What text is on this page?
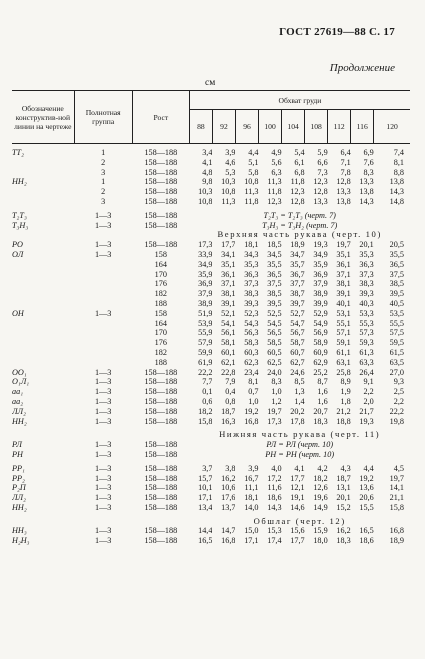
ГОСТ 27619—88 С. 17
Продолжение
см
Обозначение конструктив-ной линии на чертеже	Полнотная группа	Рост	Обхват груди								
			88	92	96	100	104	108	112	116	120

TT₂	1	158—188	3,4	3,9	4,4	4,9	5,4	5,9	6,4	6,9	7,4
	2	158—188	4,1	4,6	5,1	5,6	6,1	6,6	7,1	7,6	8,1
	3	158—188	4,8	5,3	5,8	6,3	6,8	7,3	7,8	8,3	8,8
HH₂	1	158—188	9,8	10,3	10,8	11,3	11,8	12,3	12,8	13,3	13,8
	2	158—188	10,3	10,8	11,3	11,8	12,3	12,8	13,3	13,8	14,3
	3	158—188	10,8	11,3	11,8	12,3	12,8	13,3	13,8	14,3	14,8

T₂T₃	1—3	158—188	T₂T₃ = T₂T₃ (черт. 7)								
T₃H₃	1—3	158—188	T₃H₃ = T₃H₂ (черт. 7)								
			Верхняя часть рукава (черт. 10)								
PO	1—3	158—188	17,3	17,7	18,1	18,5	18,9	19,3	19,7	20,1	20,5
ОЛ	1—3	158	33,9	34,1	34,3	34,5	34,7	34,9	35,1	35,3	35,5
		164	34,9	35,1	35,3	35,5	35,7	35,9	36,1	36,3	36,5
		170	35,9	36,1	36,3	36,5	36,7	36,9	37,1	37,3	37,5
		176	36,9	37,1	37,3	37,5	37,7	37,9	38,1	38,3	38,5
		182	37,9	38,1	38,3	38,5	38,7	38,9	39,1	39,3	39,5
		188	38,9	39,1	39,3	39,5	39,7	39,9	40,1	40,3	40,5
OH	1—3	158	51,9	52,1	52,3	52,5	52,7	52,9	53,1	53,3	53,5
		164	53,9	54,1	54,3	54,5	54,7	54,9	55,1	55,3	55,5
		170	55,9	56,1	56,3	56,5	56,7	56,9	57,1	57,3	57,5
		176	57,9	58,1	58,3	58,5	58,7	58,9	59,1	59,3	59,5
		182	59,9	60,1	60,3	60,5	60,7	60,9	61,1	61,3	61,5
		188	61,9	62,1	62,3	62,5	62,7	62,9	63,1	63,3	63,5
OO₁	1—3	158—188	22,2	22,8	23,4	24,0	24,6	25,2	25,8	26,4	27,0
O₁Л₁	1—3	158—188	7,7	7,9	8,1	8,3	8,5	8,7	8,9	9,1	9,3
aa₁	1—3	158—188	0,1	0,4	0,7	1,0	1,3	1,6	1,9	2,2	2,5
aa₂	1—3	158—188	0,6	0,8	1,0	1,2	1,4	1,6	1,8	2,0	2,2
ЛЛ₂	1—3	158—188	18,2	18,7	19,2	19,7	20,2	20,7	21,2	21,7	22,2
HH₂	1—3	158—188	15,8	16,3	16,8	17,3	17,8	18,3	18,8	19,3	19,8

			Нижняя часть рукава (черт. 11)								
РЛ	1—3	158—188	РЛ = РЛ (черт. 10)								
РН	1—3	158—188	РН = РН (черт. 10)								

PP₁	1—3	158—188	3,7	3,8	3,9	4,0	4,1	4,2	4,3	4,4	4,5
PP₂	1—3	158—188	15,7	16,2	16,7	17,2	17,7	18,2	18,7	19,2	19,7
P₂П	1—3	158—188	10,1	10,6	11,1	11,6	12,1	12,6	13,1	13,6	14,1
ЛЛ₂	1—3	158—188	17,1	17,6	18,1	18,6	19,1	19,6	20,1	20,6	21,1
HH₂	1—3	158—188	13,4	13,7	14,0	14,3	14,6	14,9	15,2	15,5	15,8

			Обшлаг (черт. 12)								
HH₃	1—3	158—188	14,4	14,7	15,0	15,3	15,6	15,9	16,2	16,5	16,8
H₂H₃	1—3	158—188	16,5	16,8	17,1	17,4	17,7	18,0	18,3	18,6	18,9
